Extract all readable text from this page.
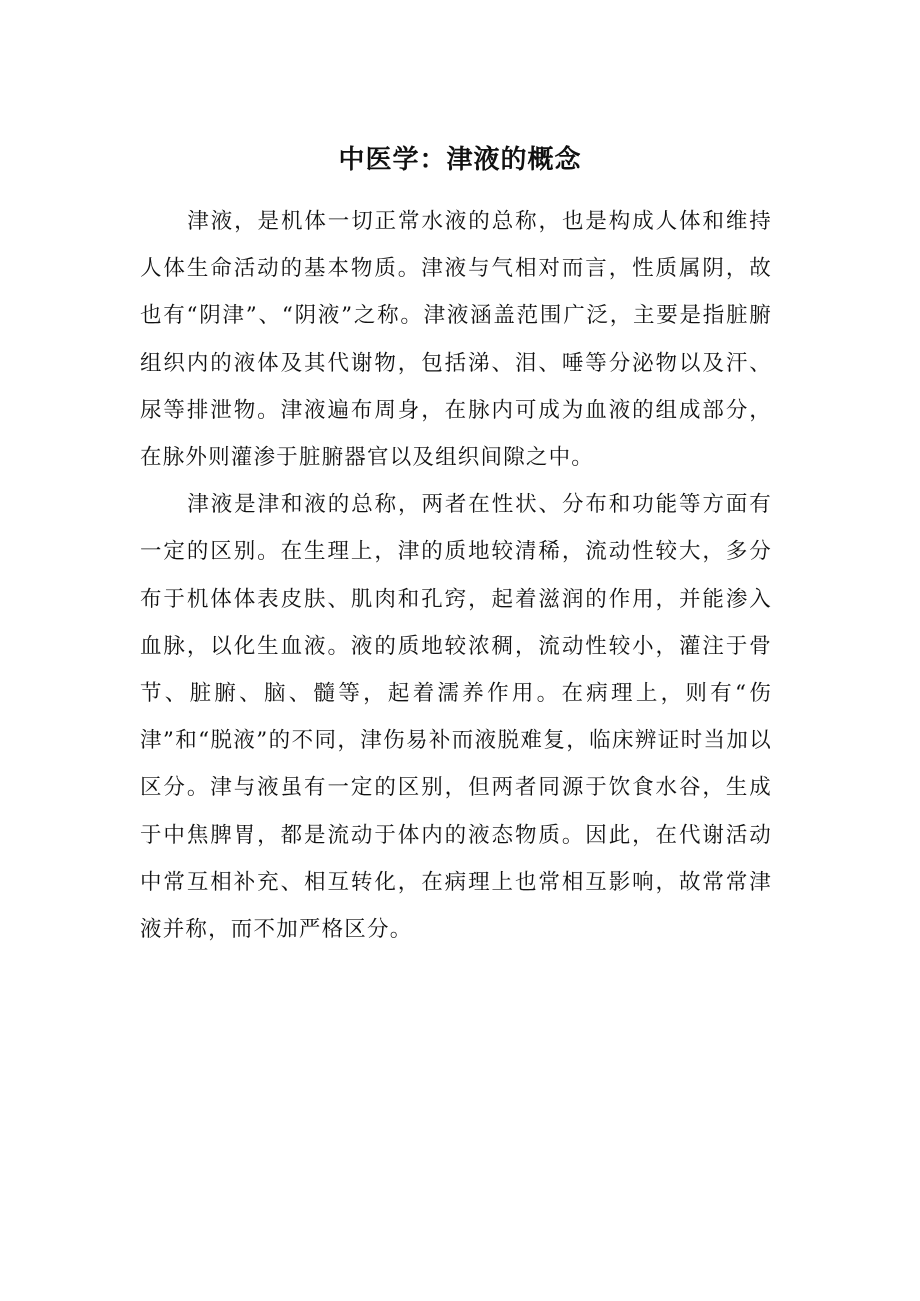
中医学：津液的概念

津液，是机体一切正常水液的总称，也是构成人体和维持人体生命活动的基本物质。津液与气相对而言，性质属阴，故也有“阴津”、“阴液”之称。津液涵盖范围广泛，主要是指脏腑组织内的液体及其代谢物，包括涕、泪、唾等分泌物以及汗、尿等排泄物。津液遍布周身，在脉内可成为血液的组成部分，在脉外则灌渗于脏腑器官以及组织间隙之中。

津液是津和液的总称，两者在性状、分布和功能等方面有一定的区别。在生理上，津的质地较清稀，流动性较大，多分布于机体体表皮肤、肌肉和孔窍，起着滋润的作用，并能渗入血脉，以化生血液。液的质地较浓稠，流动性较小，灌注于骨节、脏腑、脑、髓等，起着濡养作用。在病理上，则有“伤津”和“脱液”的不同，津伤易补而液脱难复，临床辨证时当加以区分。津与液虽有一定的区别，但两者同源于饮食水谷，生成于中焦脾胃，都是流动于体内的液态物质。因此，在代谢活动中常互相补充、相互转化，在病理上也常相互影响，故常常津液并称，而不加严格区分。
